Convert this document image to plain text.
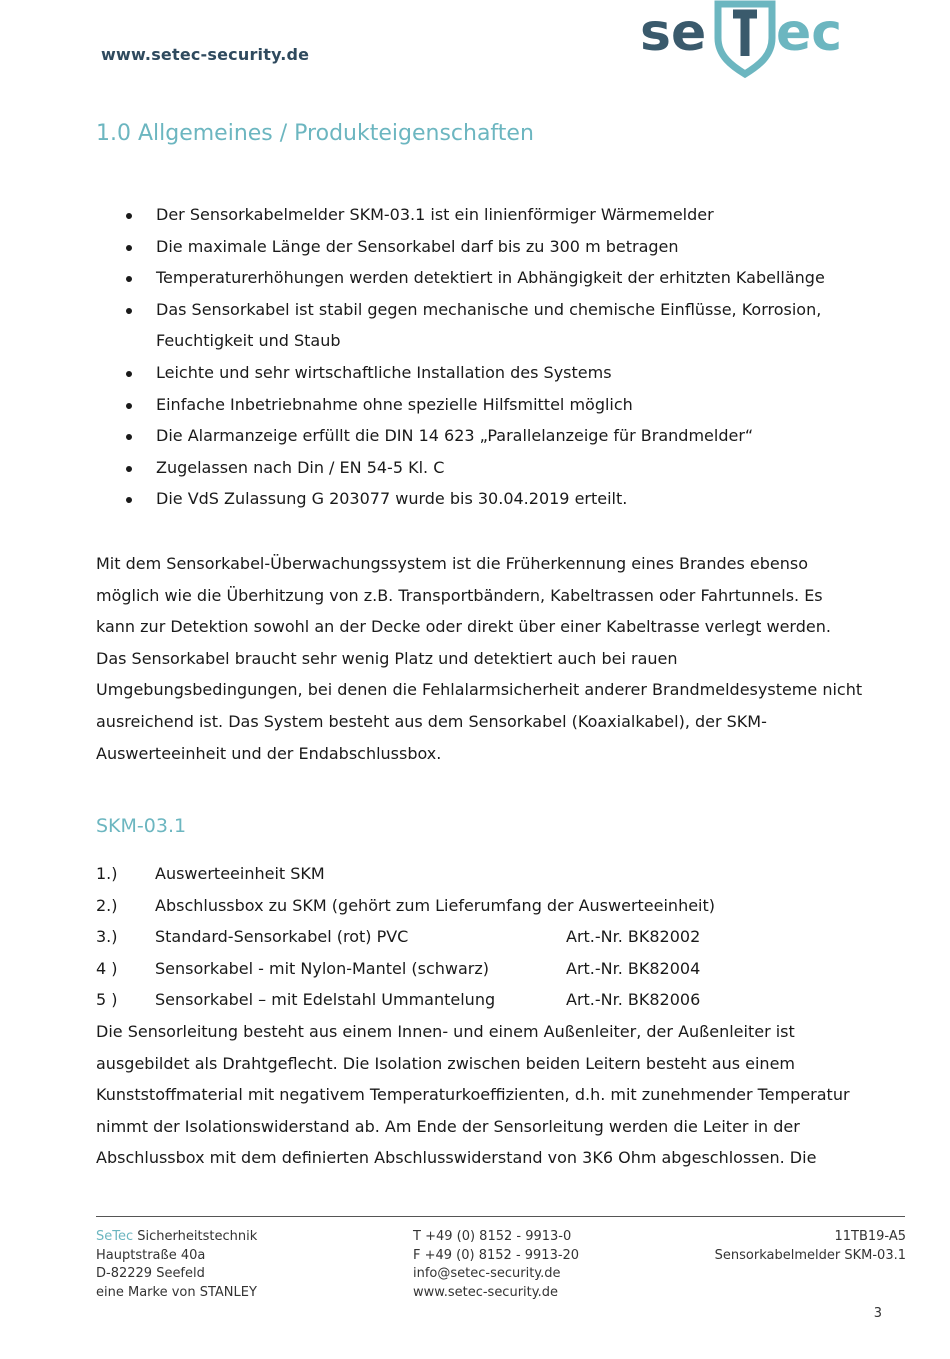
www.setec-security.de	se ec
1.0 Allgemeines / Produkteigenschaften
Der Sensorkabelmelder SKM-03.1 ist ein linienförmiger Wärmemelder
Die maximale Länge der Sensorkabel darf bis zu 300 m betragen
Temperaturerhöhungen werden detektiert in Abhängigkeit der erhitzten Kabellänge
Das Sensorkabel ist stabil gegen mechanische und chemische Einflüsse, Korrosion, Feuchtigkeit und Staub
Leichte und sehr wirtschaftliche Installation des Systems
Einfache Inbetriebnahme ohne spezielle Hilfsmittel möglich
Die Alarmanzeige erfüllt die DIN 14 623 „Parallelanzeige für Brandmelder“
Zugelassen nach Din / EN 54-5 Kl. C
Die VdS Zulassung G 203077 wurde bis 30.04.2019 erteilt.

Mit dem Sensorkabel-Überwachungssystem ist die Früherkennung eines Brandes ebenso möglich wie die Überhitzung von z.B. Transportbändern, Kabeltrassen oder Fahrtunnels. Es kann zur Detektion sowohl an der Decke oder direkt über einer Kabeltrasse verlegt werden. Das Sensorkabel braucht sehr wenig Platz und detektiert auch bei rauen Umgebungsbedingungen, bei denen die Fehlalarmsicherheit anderer Brandmeldesysteme nicht ausreichend ist. Das System besteht aus dem Sensorkabel (Koaxialkabel), der SKM- Auswerteeinheit und der Endabschlussbox.

SKM-03.1
1.) Auswerteeinheit SKM
2.) Abschlussbox zu SKM (gehört zum Lieferumfang der Auswerteeinheit)
3.) Standard-Sensorkabel (rot) PVC	Art.-Nr. BK82002
4 ) Sensorkabel - mit Nylon-Mantel (schwarz)	Art.-Nr. BK82004
5 ) Sensorkabel – mit Edelstahl Ummantelung	Art.-Nr. BK82006

Die Sensorleitung besteht aus einem Innen- und einem Außenleiter, der Außenleiter ist ausgebildet als Drahtgeflecht. Die Isolation zwischen beiden Leitern besteht aus einem Kunststoffmaterial mit negativem Temperaturkoeffizienten, d.h. mit zunehmender Temperatur nimmt der Isolationswiderstand ab. Am Ende der Sensorleitung werden die Leiter in der Abschlussbox mit dem definierten Abschlusswiderstand von 3K6 Ohm abgeschlossen. Die

SeTec Sicherheitstechnik
Hauptstraße 40a
D-82229 Seefeld
eine Marke von STANLEY
T +49 (0) 8152 - 9913-0
F +49 (0) 8152 - 9913-20
info@setec-security.de
www.setec-security.de
11TB19-A5
Sensorkabelmelder SKM-03.1
3
